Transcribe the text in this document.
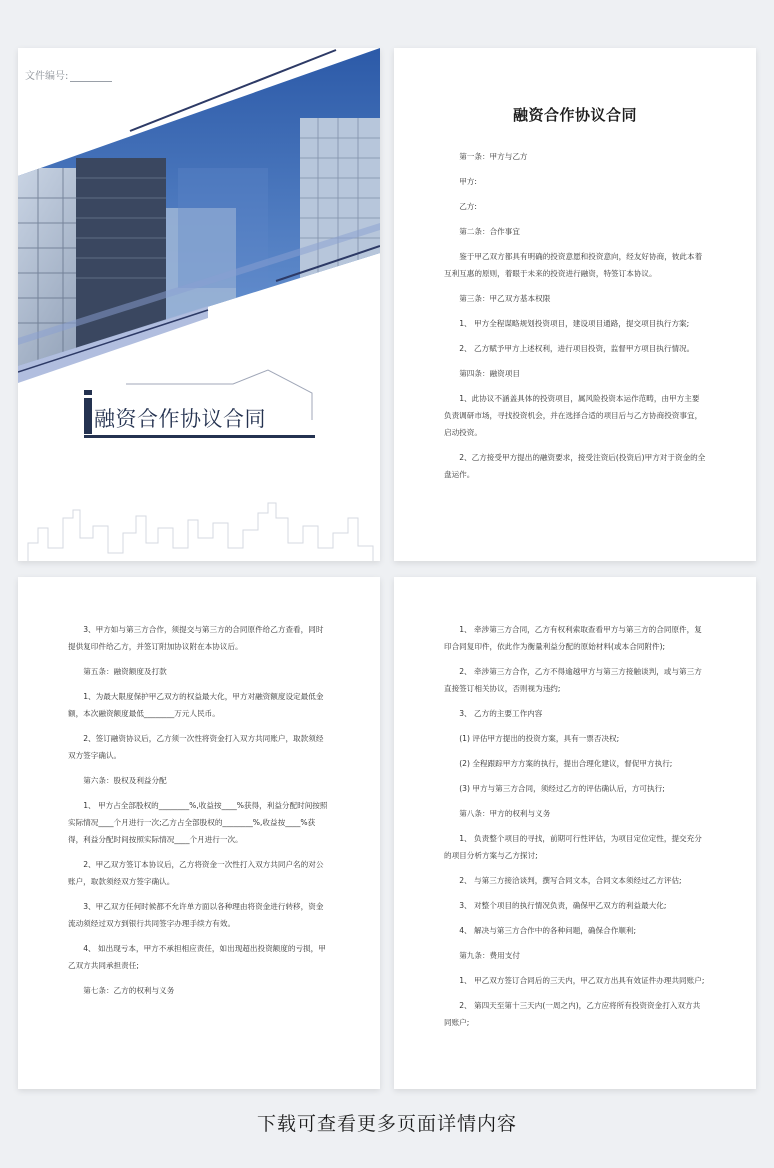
文件编号:
融资合作协议合同
融资合作协议合同

第一条：甲方与乙方

甲方:

乙方:

第二条：合作事宜

鉴于甲乙双方都具有明确的投资意愿和投资意向，经友好协商，彼此本着互利互惠的原则，着眼于未来的投资进行融资，特签订本协议。

第三条：甲乙双方基本权限

1、 甲方全程谋略规划投资项目，建设项目通路，提交项目执行方案;

2、 乙方赋予甲方上述权利，进行项目投资，监督甲方项目执行情况。

第四条：融资项目

1、此协议不涵盖具体的投资项目，属风险投资本运作范畴，由甲方主要负责调研市场，寻找投资机会，并在选择合适的项目后与乙方协商投资事宜，启动投资。

2、乙方接受甲方提出的融资要求，接受注资后(投资后)甲方对于资金的全盘运作。

3、甲方如与第三方合作，须提交与第三方的合同原件给乙方查看，同时提供复印件给乙方，并签订附加协议附在本协议后。

第五条：融资额度及打款

1、为最大限度保护甲乙双方的权益最大化，甲方对融资额度设定最低金额，本次融资额度最低________万元人民币。

2、签订融资协议后，乙方须一次性将资金打入双方共同账户，取款须经双方签字确认。

第六条：股权及利益分配

1、 甲方占全部股权的________%,收益按____%获得，利益分配时间按照实际情况____个月进行一次;乙方占全部股权的________%,收益按____%获得，利益分配时间按照实际情况____个月进行一次。

2、甲乙双方签订本协议后，乙方将资金一次性打入双方共同户名的对公账户，取款须经双方签字确认。

3、甲乙双方任何时候都不允许单方面以各种理由将资金进行转移，资金流动须经过双方到银行共同签字办理手续方有效。

4、 如出现亏本，甲方不承担相应责任，如出现超出投资额度的亏损，甲乙双方共同承担责任;

第七条：乙方的权利与义务

1、 牵涉第三方合同，乙方有权利索取查看甲方与第三方的合同原件，复印合同复印件，依此作为衡量利益分配的原始材料(或本合同附件);

2、 牵涉第三方合作，乙方不得逾越甲方与第三方接触谈判，或与第三方直接签订相关协议，否则视为违约;

3、 乙方的主要工作内容

(1) 评估甲方提出的投资方案，具有一票否决权;

(2) 全程跟踪甲方方案的执行，提出合理化建议，督促甲方执行;

(3) 甲方与第三方合同，须经过乙方的评估确认后，方可执行;

第八条：甲方的权利与义务

1、 负责整个项目的寻找，前期可行性评估，为项目定位定性，提交充分的项目分析方案与乙方探讨;

2、 与第三方接洽谈判，撰写合同文本，合同文本须经过乙方评估;

3、 对整个项目的执行情况负责，确保甲乙双方的利益最大化;

4、 解决与第三方合作中的各种问题，确保合作顺利;

第九条：费用支付

1、 甲乙双方签订合同后的三天内，甲乙双方出具有效证件办理共同账户;

2、 第四天至第十三天内(一周之内)，乙方应将所有投资资金打入双方共同账户;

下载可查看更多页面详情内容
